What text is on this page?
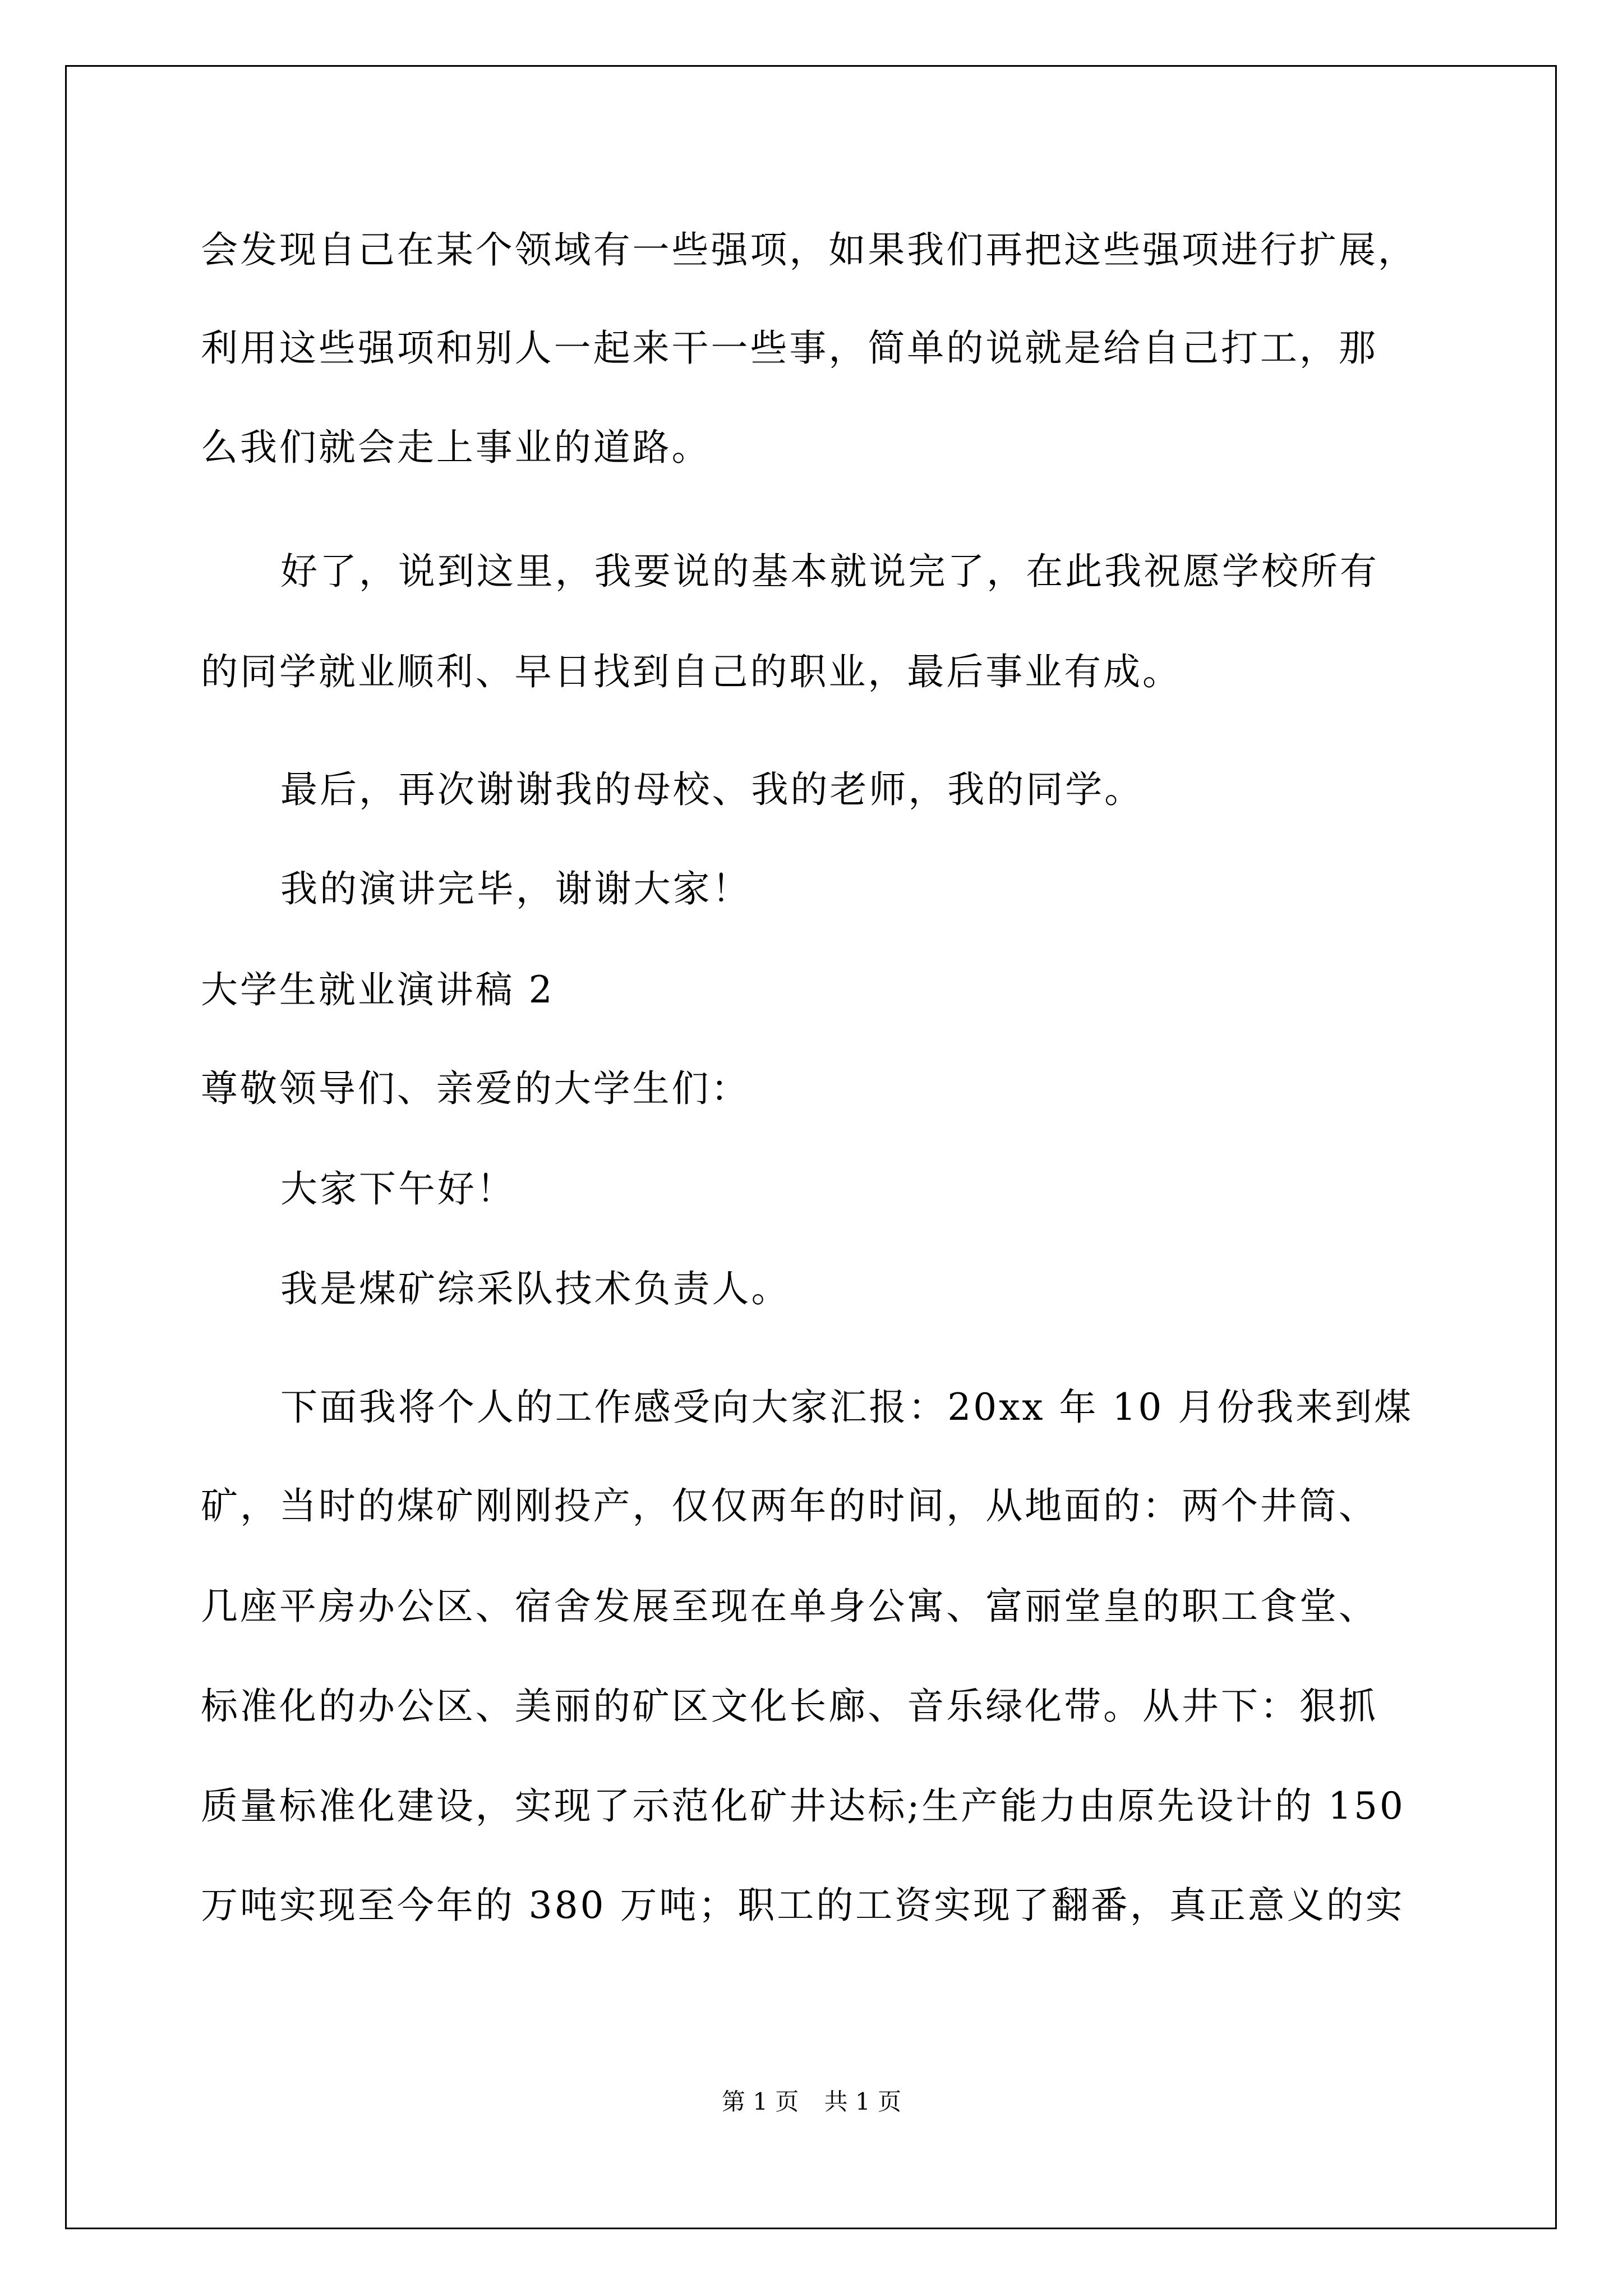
会发现自己在某个领域有一些强项，如果我们再把这些强项进行扩展，
利用这些强项和别人一起来干一些事，简单的说就是给自己打工，那
么我们就会走上事业的道路。
好了，说到这里，我要说的基本就说完了，在此我祝愿学校所有
的同学就业顺利、早日找到自己的职业，最后事业有成。
最后，再次谢谢我的母校、我的老师，我的同学。
我的演讲完毕，谢谢大家！
大学生就业演讲稿 2
尊敬领导们、亲爱的大学生们：
大家下午好！
我是煤矿综采队技术负责人。
下面我将个人的工作感受向大家汇报：20xx 年 10 月份我来到煤
矿，当时的煤矿刚刚投产，仅仅两年的时间，从地面的：两个井筒、
几座平房办公区、宿舍发展至现在单身公寓、富丽堂皇的职工食堂、
标准化的办公区、美丽的矿区文化长廊、音乐绿化带。从井下：狠抓
质量标准化建设，实现了示范化矿井达标;生产能力由原先设计的 150
万吨实现至今年的 380 万吨；职工的工资实现了翻番，真正意义的实
第 1 页 共 1 页
